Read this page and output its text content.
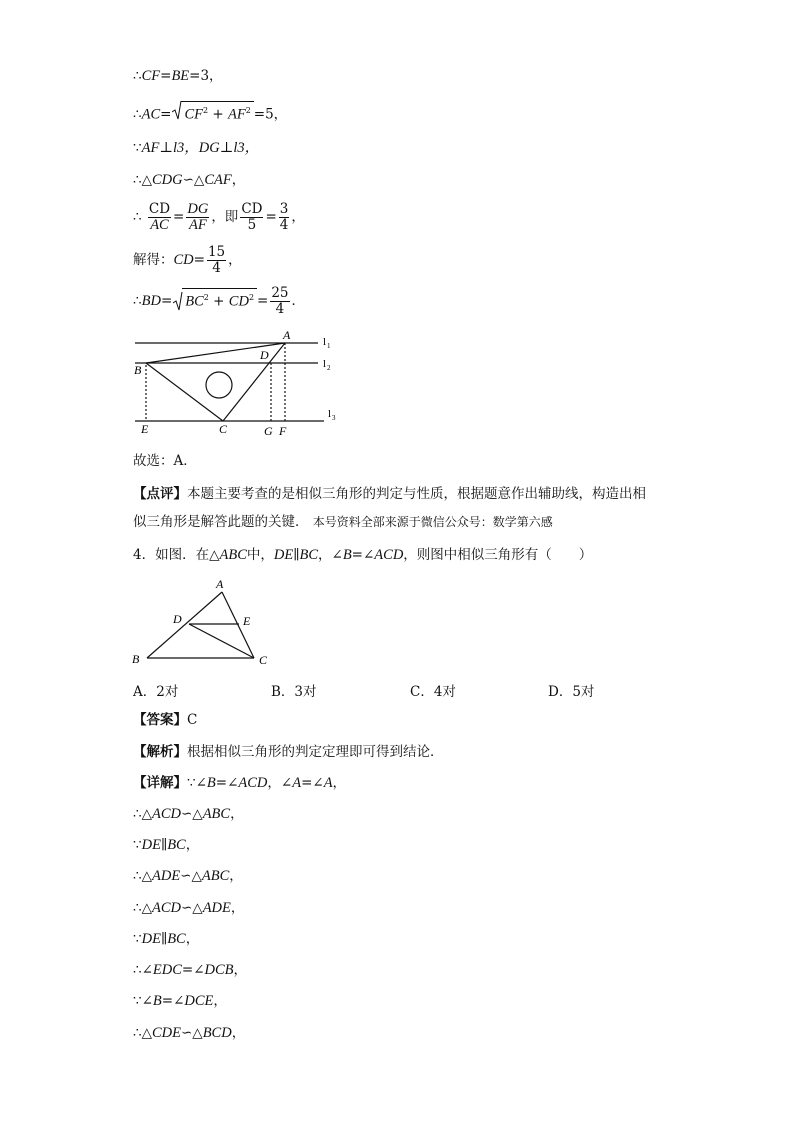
∴CF=BE=3，
∴AC= $CF^2 + AF^2 =5$，
∵AF⊥l3，DG⊥l3，
∴△CDG∽△CAF，
∴ $\frac{CD}{AC} = \frac{DG}{AF}$ ，即 $\frac{CD}{5} = \frac{3}{4}$ ，
解得：$CD= \frac{15}{4}$ ，
∴BD= $BC^2 + CD^2 = \frac{25}{4}$ ．
A
D
B
C
E	G F
l 1
l 2
l 3
故选：A．
【点评】本题主要考查的是相似三角形的判定与性质，根据题意作出辅助线，构造出相
似三角形是解答此题的关键． 本号资料全部来源于微信公众号：数学第六感
4．如图．在△ABC中，DE∥BC，∠B=∠ACD，则图中相似三角形有（　　）
A
D	E
B	C
A．2对	B．3对	C．4对	D．5对
【答案】C
【解析】根据相似三角形的判定定理即可得到结论．
【详解】∵∠B=∠ACD，∠A=∠A，
∴△ACD∽△ABC，
∵DE∥BC，
∴△ADE∽△ABC，
∴△ACD∽△ADE，
∵DE∥BC，
∴∠EDC=∠DCB，
∵∠B=∠DCE，
∴△CDE∽△BCD，
